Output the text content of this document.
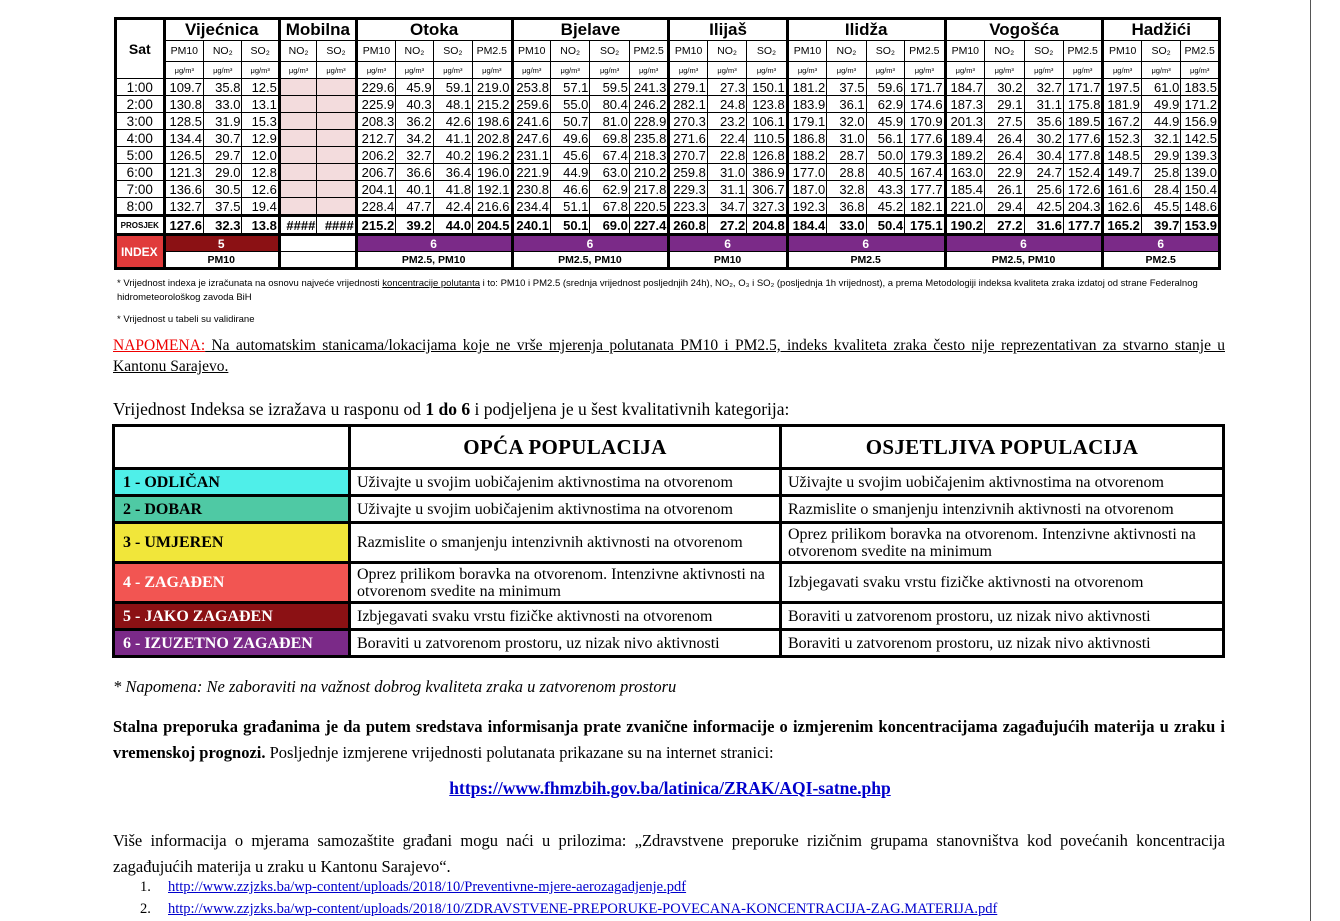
Sat	Vijećnica			Mobilna		Otoka				Bjelave				Ilijaš			Ilidža				Vogošća				Hadžići		
	PM10	NO₂	SO₂	NO₂	SO₂	PM10	NO₂	SO₂	PM2.5	PM10	NO₂	SO₂	PM2.5	PM10	NO₂	SO₂	PM10	NO₂	SO₂	PM2.5	PM10	NO₂	SO₂	PM2.5	PM10	SO₂	PM2.5
	μg/m³	μg/m³	μg/m³	μg/m³	μg/m³	μg/m³	μg/m³	μg/m³	μg/m³	μg/m³	μg/m³	μg/m³	μg/m³	μg/m³	μg/m³	μg/m³	μg/m³	μg/m³	μg/m³	μg/m³	μg/m³	μg/m³	μg/m³	μg/m³	μg/m³	μg/m³	μg/m³
1:00	109.7	35.8	12.5			229.6	45.9	59.1	219.0	253.8	57.1	59.5	241.3	279.1	27.3	150.1	181.2	37.5	59.6	171.7	184.7	30.2	32.7	171.7	197.5	61.0	183.5
2:00	130.8	33.0	13.1			225.9	40.3	48.1	215.2	259.6	55.0	80.4	246.2	282.1	24.8	123.8	183.9	36.1	62.9	174.6	187.3	29.1	31.1	175.8	181.9	49.9	171.2
3:00	128.5	31.9	15.3			208.3	36.2	42.6	198.6	241.6	50.7	81.0	228.9	270.3	23.2	106.1	179.1	32.0	45.9	170.9	201.3	27.5	35.6	189.5	167.2	44.9	156.9
4:00	134.4	30.7	12.9			212.7	34.2	41.1	202.8	247.6	49.6	69.8	235.8	271.6	22.4	110.5	186.8	31.0	56.1	177.6	189.4	26.4	30.2	177.6	152.3	32.1	142.5
5:00	126.5	29.7	12.0			206.2	32.7	40.2	196.2	231.1	45.6	67.4	218.3	270.7	22.8	126.8	188.2	28.7	50.0	179.3	189.2	26.4	30.4	177.8	148.5	29.9	139.3
6:00	121.3	29.0	12.8			206.7	36.6	36.4	196.0	221.9	44.9	63.0	210.2	259.8	31.0	386.9	177.0	28.8	40.5	167.4	163.0	22.9	24.7	152.4	149.7	25.8	139.0
7:00	136.6	30.5	12.6			204.1	40.1	41.8	192.1	230.8	46.6	62.9	217.8	229.3	31.1	306.7	187.0	32.8	43.3	177.7	185.4	26.1	25.6	172.6	161.6	28.4	150.4
8:00	132.7	37.5	19.4			228.4	47.7	42.4	216.6	234.4	51.1	67.8	220.5	223.3	34.7	327.3	192.3	36.8	45.2	182.1	221.0	29.4	42.5	204.3	162.6	45.5	148.6
PROSJEK	127.6	32.3	13.8	####	####	215.2	39.2	44.0	204.5	240.1	50.1	69.0	227.4	260.8	27.2	204.8	184.4	33.0	50.4	175.1	190.2	27.2	31.6	177.7	165.2	39.7	153.9
INDEX	5					6				6				6			6				6				6		
	PM10					PM2.5, PM10				PM2.5, PM10				PM10			PM2.5				PM2.5, PM10				PM2.5		
* Vrijednost indexa je izračunata na osnovu najveće vrijednosti koncentracije polutanta i to: PM10 i PM2.5 (srednja vrijednost posljednjih 24h), NO₂, O₃ i SO₂ (posljednja 1h vrijednost), a prema Metodologiji indeksa kvaliteta zraka izdatoj od strane Federalnog hidrometeorološkog zavoda BiH
* Vrijednost u tabeli su validirane
NAPOMENA: Na automatskim stanicama/lokacijama koje ne vrše mjerenja polutanata PM10 i PM2.5, indeks kvaliteta zraka često nije reprezentativan za stvarno stanje u Kantonu Sarajevo.
Vrijednost Indeksa se izražava u rasponu od 1 do 6 i podjeljena je u šest kvalitativnih kategorija:
	OPĆA POPULACIJA	OSJETLJIVA POPULACIJA
1 - ODLIČAN	Uživajte u svojim uobičajenim aktivnostima na otvorenom	Uživajte u svojim uobičajenim aktivnostima na otvorenom
2 - DOBAR	Uživajte u svojim uobičajenim aktivnostima na otvorenom	Razmislite o smanjenju intenzivnih aktivnosti na otvorenom
3 - UMJEREN	Razmislite o smanjenju intenzivnih aktivnosti na otvorenom	Oprez prilikom boravka na otvorenom. Intenzivne aktivnosti na otvorenom svedite na minimum
4 - ZAGAĐEN	Oprez prilikom boravka na otvorenom. Intenzivne aktivnosti na otvorenom svedite na minimum	Izbjegavati svaku vrstu fizičke aktivnosti na otvorenom
5 - JAKO ZAGAĐEN	Izbjegavati svaku vrstu fizičke aktivnosti na otvorenom	Boraviti u zatvorenom prostoru, uz nizak nivo aktivnosti
6 - IZUZETNO ZAGAĐEN	Boraviti u zatvorenom prostoru, uz nizak nivo aktivnosti	Boraviti u zatvorenom prostoru, uz nizak nivo aktivnosti
* Napomena: Ne zaboraviti na važnost dobrog kvaliteta zraka u zatvorenom prostoru
Stalna preporuka građanima je da putem sredstava informisanja prate zvanične informacije o izmjerenim koncentracijama zagađujućih materija u zraku i vremenskoj prognozi. Posljednje izmjerene vrijednosti polutanata prikazane su na internet stranici:
https://www.fhmzbih.gov.ba/latinica/ZRAK/AQI-satne.php
Više informacija o mjerama samozaštite građani mogu naći u prilozima: „Zdravstvene preporuke rizičnim grupama stanovništva kod povećanih koncentracija zagađujućih materija u zraku u Kantonu Sarajevo“.
1. http://www.zzjzks.ba/wp-content/uploads/2018/10/Preventivne-mjere-aerozagadjenje.pdf
2. http://www.zzjzks.ba/wp-content/uploads/2018/10/ZDRAVSTVENE-PREPORUKE-POVECANA-KONCENTRACIJA-ZAG.MATERIJA.pdf
